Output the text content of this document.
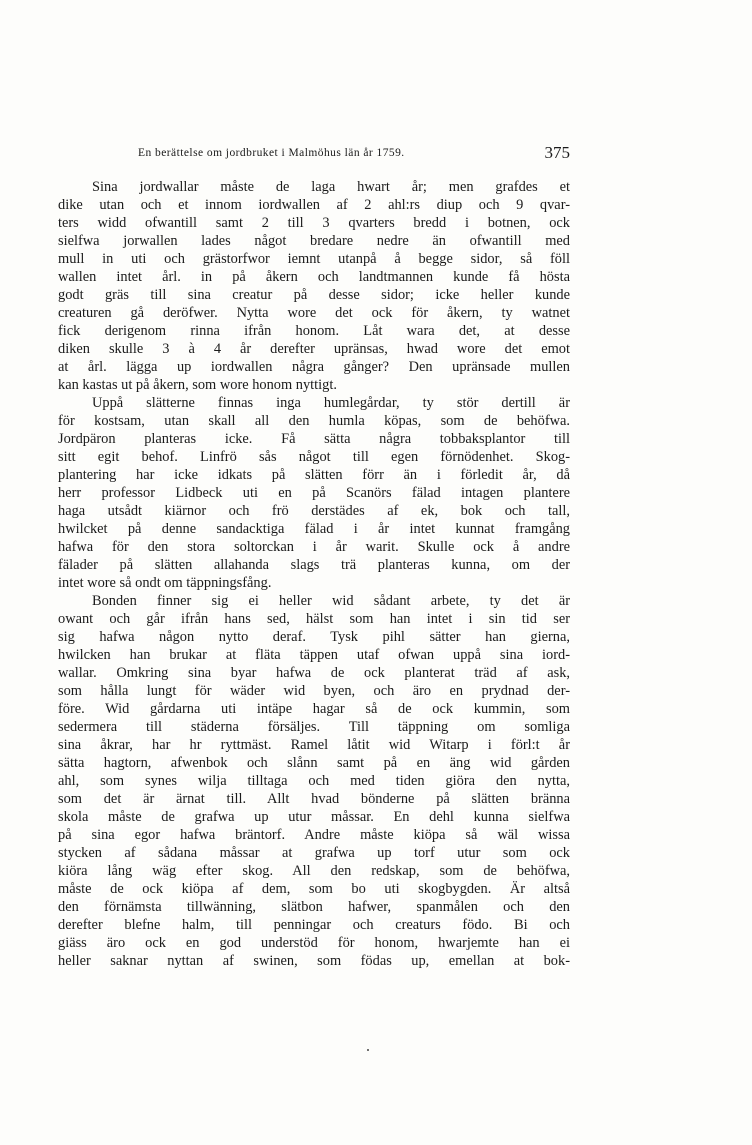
En berättelse om jordbruket i Malmöhus län år 1759.	375
Sina jordwallar måste de laga hwart år; men grafdes et
dike utan och et innom iordwallen af 2 ahl:rs diup och 9 qvar-
ters widd ofwantill samt 2 till 3 qvarters bredd i botnen, ock
sielfwa jorwallen lades något bredare nedre än ofwantill med
mull in uti och grästorfwor iemnt utanpå å begge sidor, så föll
wallen intet årl. in på åkern och landtmannen kunde få hösta
godt gräs till sina creatur på desse sidor; icke heller kunde
creaturen gå deröfwer. Nytta wore det ock för åkern, ty watnet
fick derigenom rinna ifrån honom. Låt wara det, at desse
diken skulle 3 à 4 år derefter upränsas, hwad wore det emot
at årl. lägga up iordwallen några gånger? Den upränsade mullen
kan kastas ut på åkern, som wore honom nyttigt.
Uppå slätterne finnas inga humlegårdar, ty stör dertill är
för kostsam, utan skall all den humla köpas, som de behöfwa.
Jordpäron planteras icke. Få sätta några tobbaksplantor till
sitt egit behof. Linfrö sås något till egen förnödenhet. Skog-
plantering har icke idkats på slätten förr än i förledit år, då
herr professor Lidbeck uti en på Scanörs fälad intagen plantere
haga utsådt kiärnor och frö derstädes af ek, bok och tall,
hwilcket på denne sandacktiga fälad i år intet kunnat framgång
hafwa för den stora soltorckan i år warit. Skulle ock å andre
fälader på slätten allahanda slags trä planteras kunna, om der
intet wore så ondt om täppningsfång.
Bonden finner sig ei heller wid sådant arbete, ty det är
owant och går ifrån hans sed, hälst som han intet i sin tid ser
sig hafwa någon nytto deraf. Tysk pihl sätter han gierna,
hwilcken han brukar at fläta täppen utaf ofwan uppå sina iord-
wallar. Omkring sina byar hafwa de ock planterat träd af ask,
som hålla lungt för wäder wid byen, och äro en prydnad der-
före. Wid gårdarna uti intäpe hagar så de ock kummin, som
sedermera till städerna försäljes. Till täppning om somliga
sina åkrar, har hr ryttmäst. Ramel låtit wid Witarp i förl:t år
sätta hagtorn, afwenbok och slånn samt på en äng wid gården
ahl, som synes wilja tilltaga och med tiden giöra den nytta,
som det är ärnat till. Allt hvad bönderne på slätten bränna
skola måste de grafwa up utur måssar. En dehl kunna sielfwa
på sina egor hafwa bräntorf. Andre måste kiöpa så wäl wissa
stycken af sådana måssar at grafwa up torf utur som ock
kiöra lång wäg efter skog. All den redskap, som de behöfwa,
måste de ock kiöpa af dem, som bo uti skogbygden. Är altså
den förnämsta tillwänning, slätbon hafwer, spanmålen och den
derefter blefne halm, till penningar och creaturs födo. Bi och
giäss äro ock en god understöd för honom, hwarjemte han ei
heller saknar nyttan af swinen, som födas up, emellan at bok-
